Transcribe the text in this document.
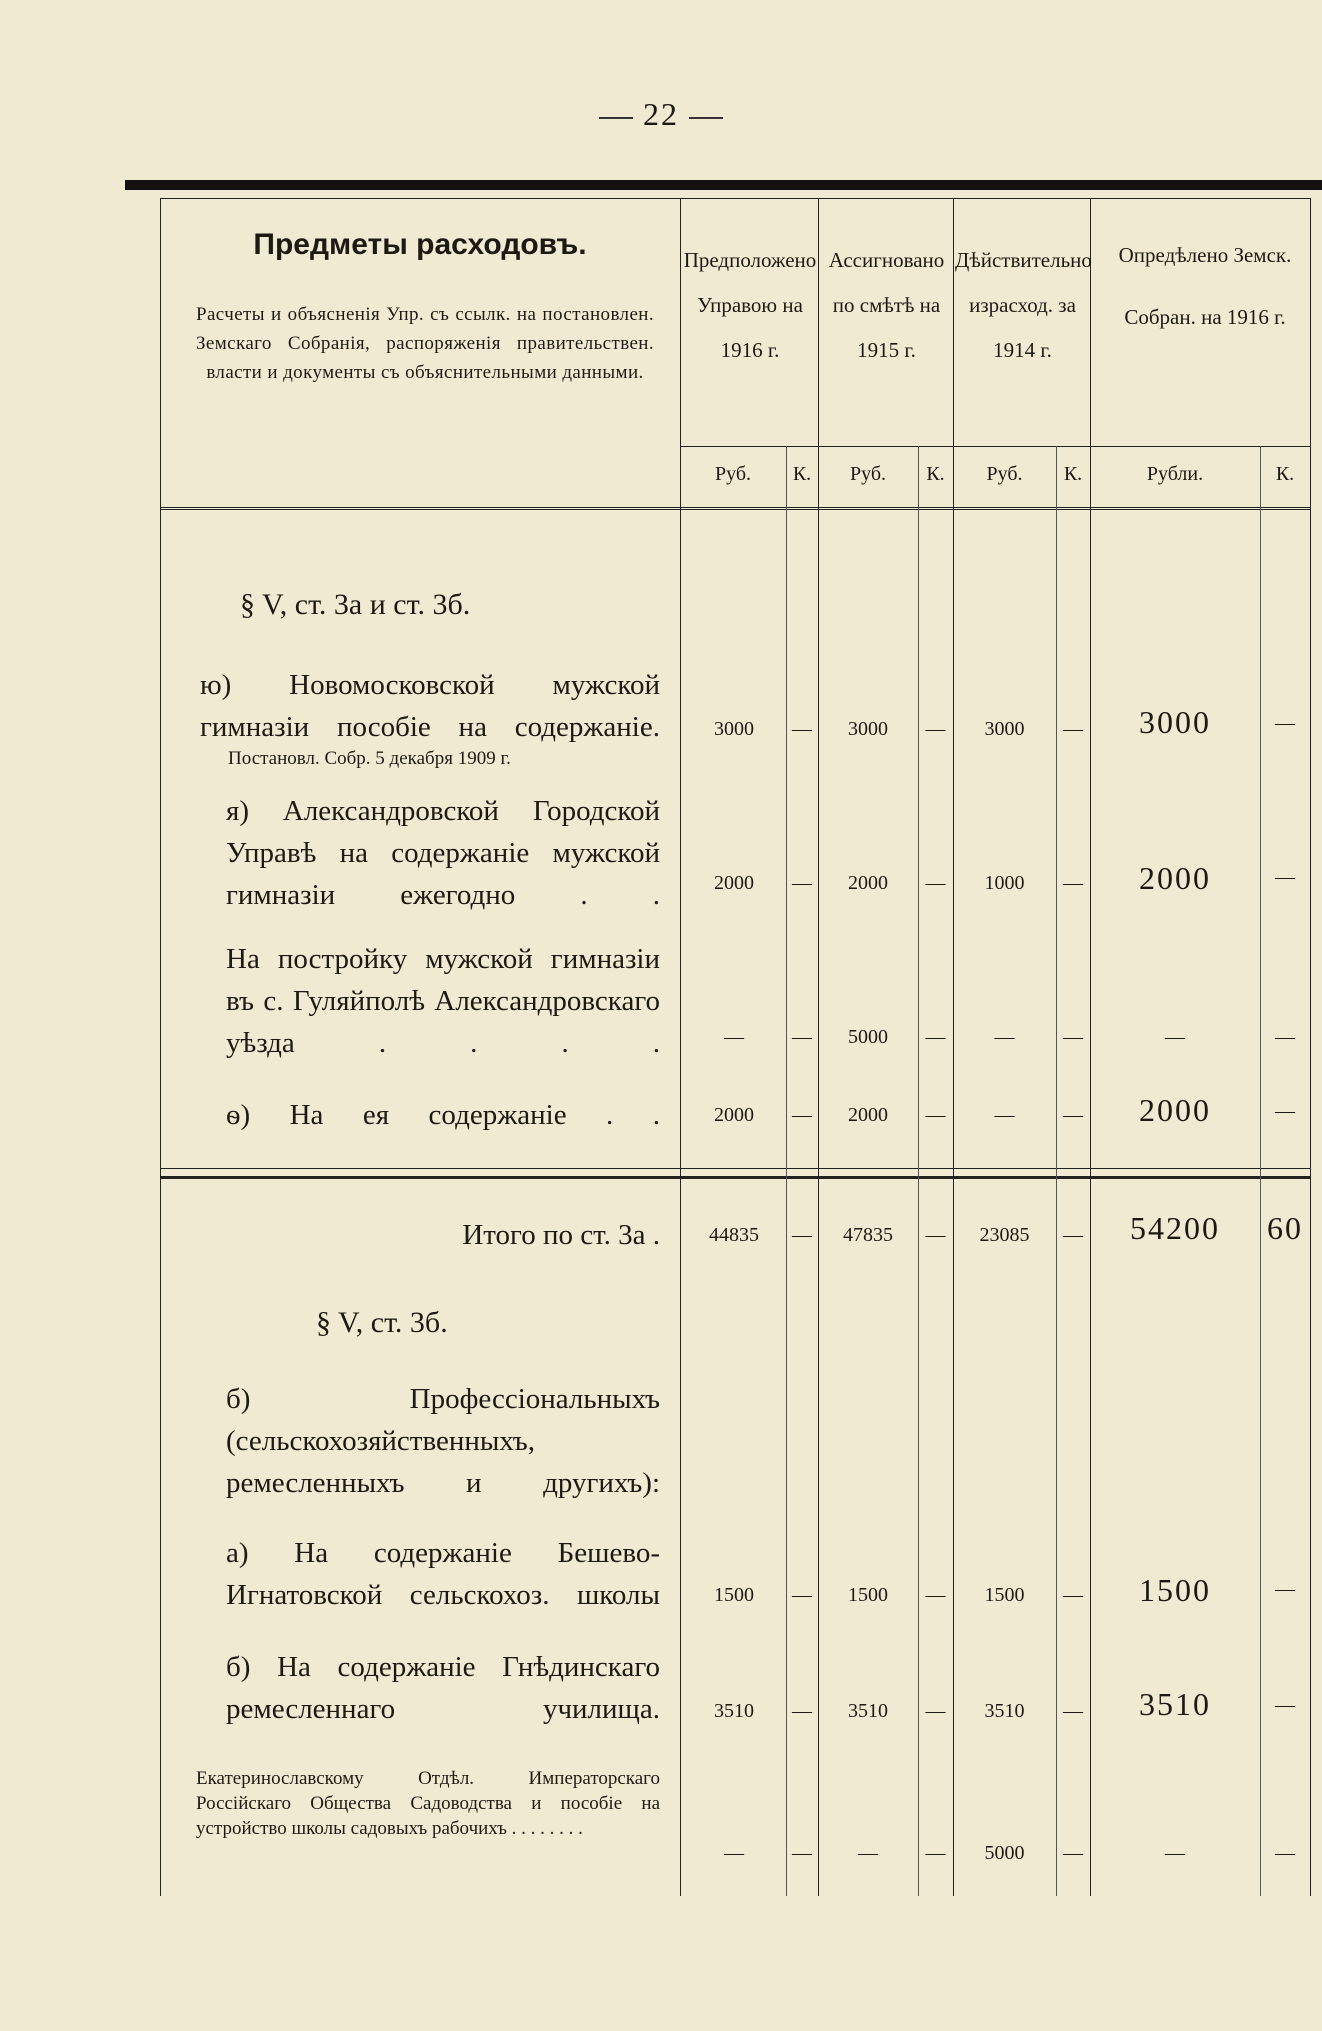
22
Предметы расходовъ.
Расчеты и объясненія Упр. съ ссылк. на постановлен. Земскаго Собранія, распоряженія правительствен. власти и документы съ объяснительными данными.
Предположено Управою на 1916 г.
Ассигновано по смѣтѣ на 1915 г.
Дѣйствительно израсход. за 1914 г.
Опредѣлено Земск. Собран. на 1916 г.
Руб.	К.	Руб.	К.	Руб.	К.	Рубли.	К.
§ V, ст. 3а и ст. 3б.
ю) Новомосковской мужской гимназіи пособіе на содержаніе.
Постановл. Собр. 5 декабря 1909 г.
3000	—	3000	—	3000	—	3000	—
я) Александровской Городской Управѣ на содержаніе мужской гимназіи ежегодно . .	2000	—	2000	—	1000	—	2000	—
На постройку мужской гимназіи въ с. Гуляйполѣ Александровскаго уѣзда . . . .	—	—	5000	—	—	—	—	—
ѳ) На ея содержаніе . .	2000	—	2000	—	—	—	2000	—
Итого по ст. 3а .	44835	—	47835	—	23085	—	54200	60
§ V, ст. 3б.
б) Профессіональныхъ (сельскохозяйственныхъ, ремесленныхъ и другихъ):
а) На содержаніе Бешево-Игнатовской сельскохоз. школы	1500	—	1500	—	1500	—	1500	—
б) На содержаніе Гнѣдинскаго ремесленнаго училища.	3510	—	3510	—	3510	—	3510	—
Екатеринославскому Отдѣл. Императорскаго Россійскаго Общества Садоводства и пособіе на устройство школы садовыхъ рабочихъ . . . . . . . .
—	—	—	—	5000	—	—	—
